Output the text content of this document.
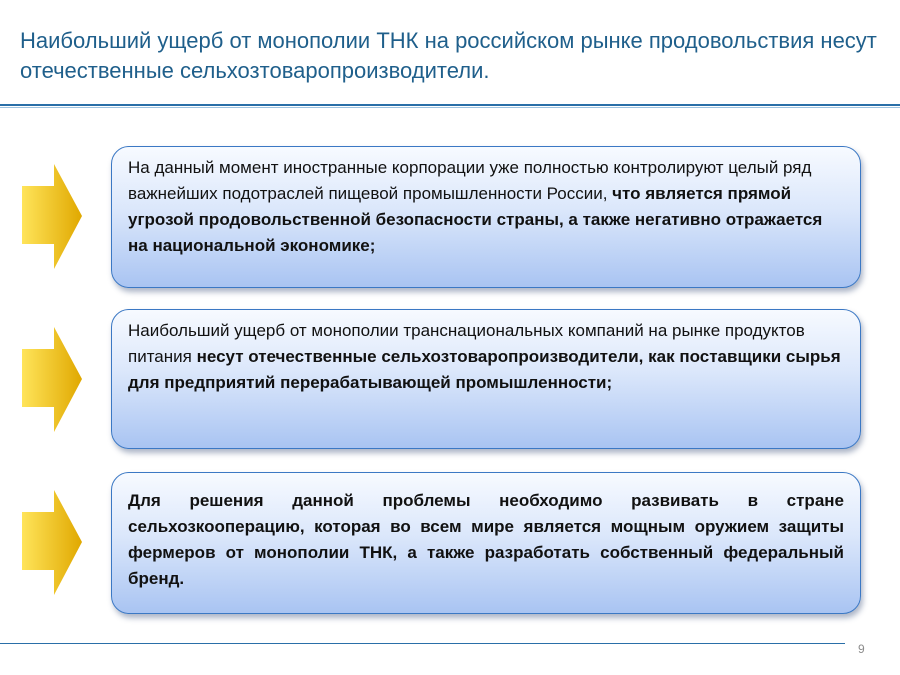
Наибольший ущерб от монополии ТНК на российском рынке продовольствия несут отечественные сельхозтоваропроизводители.
На данный момент иностранные корпорации уже полностью контролируют целый ряд важнейших подотраслей пищевой промышленности России, что является прямой угрозой продовольственной безопасности страны, а также негативно отражается на национальной экономике;
Наибольший ущерб от монополии транснациональных компаний на рынке продуктов питания несут отечественные сельхозтоваропроизводители, как поставщики сырья для предприятий перерабатывающей промышленности;
Для решения данной проблемы необходимо развивать в стране сельхозкооперацию, которая во всем мире является мощным оружием защиты фермеров от монополии ТНК, а также разработать собственный федеральный бренд.
9
